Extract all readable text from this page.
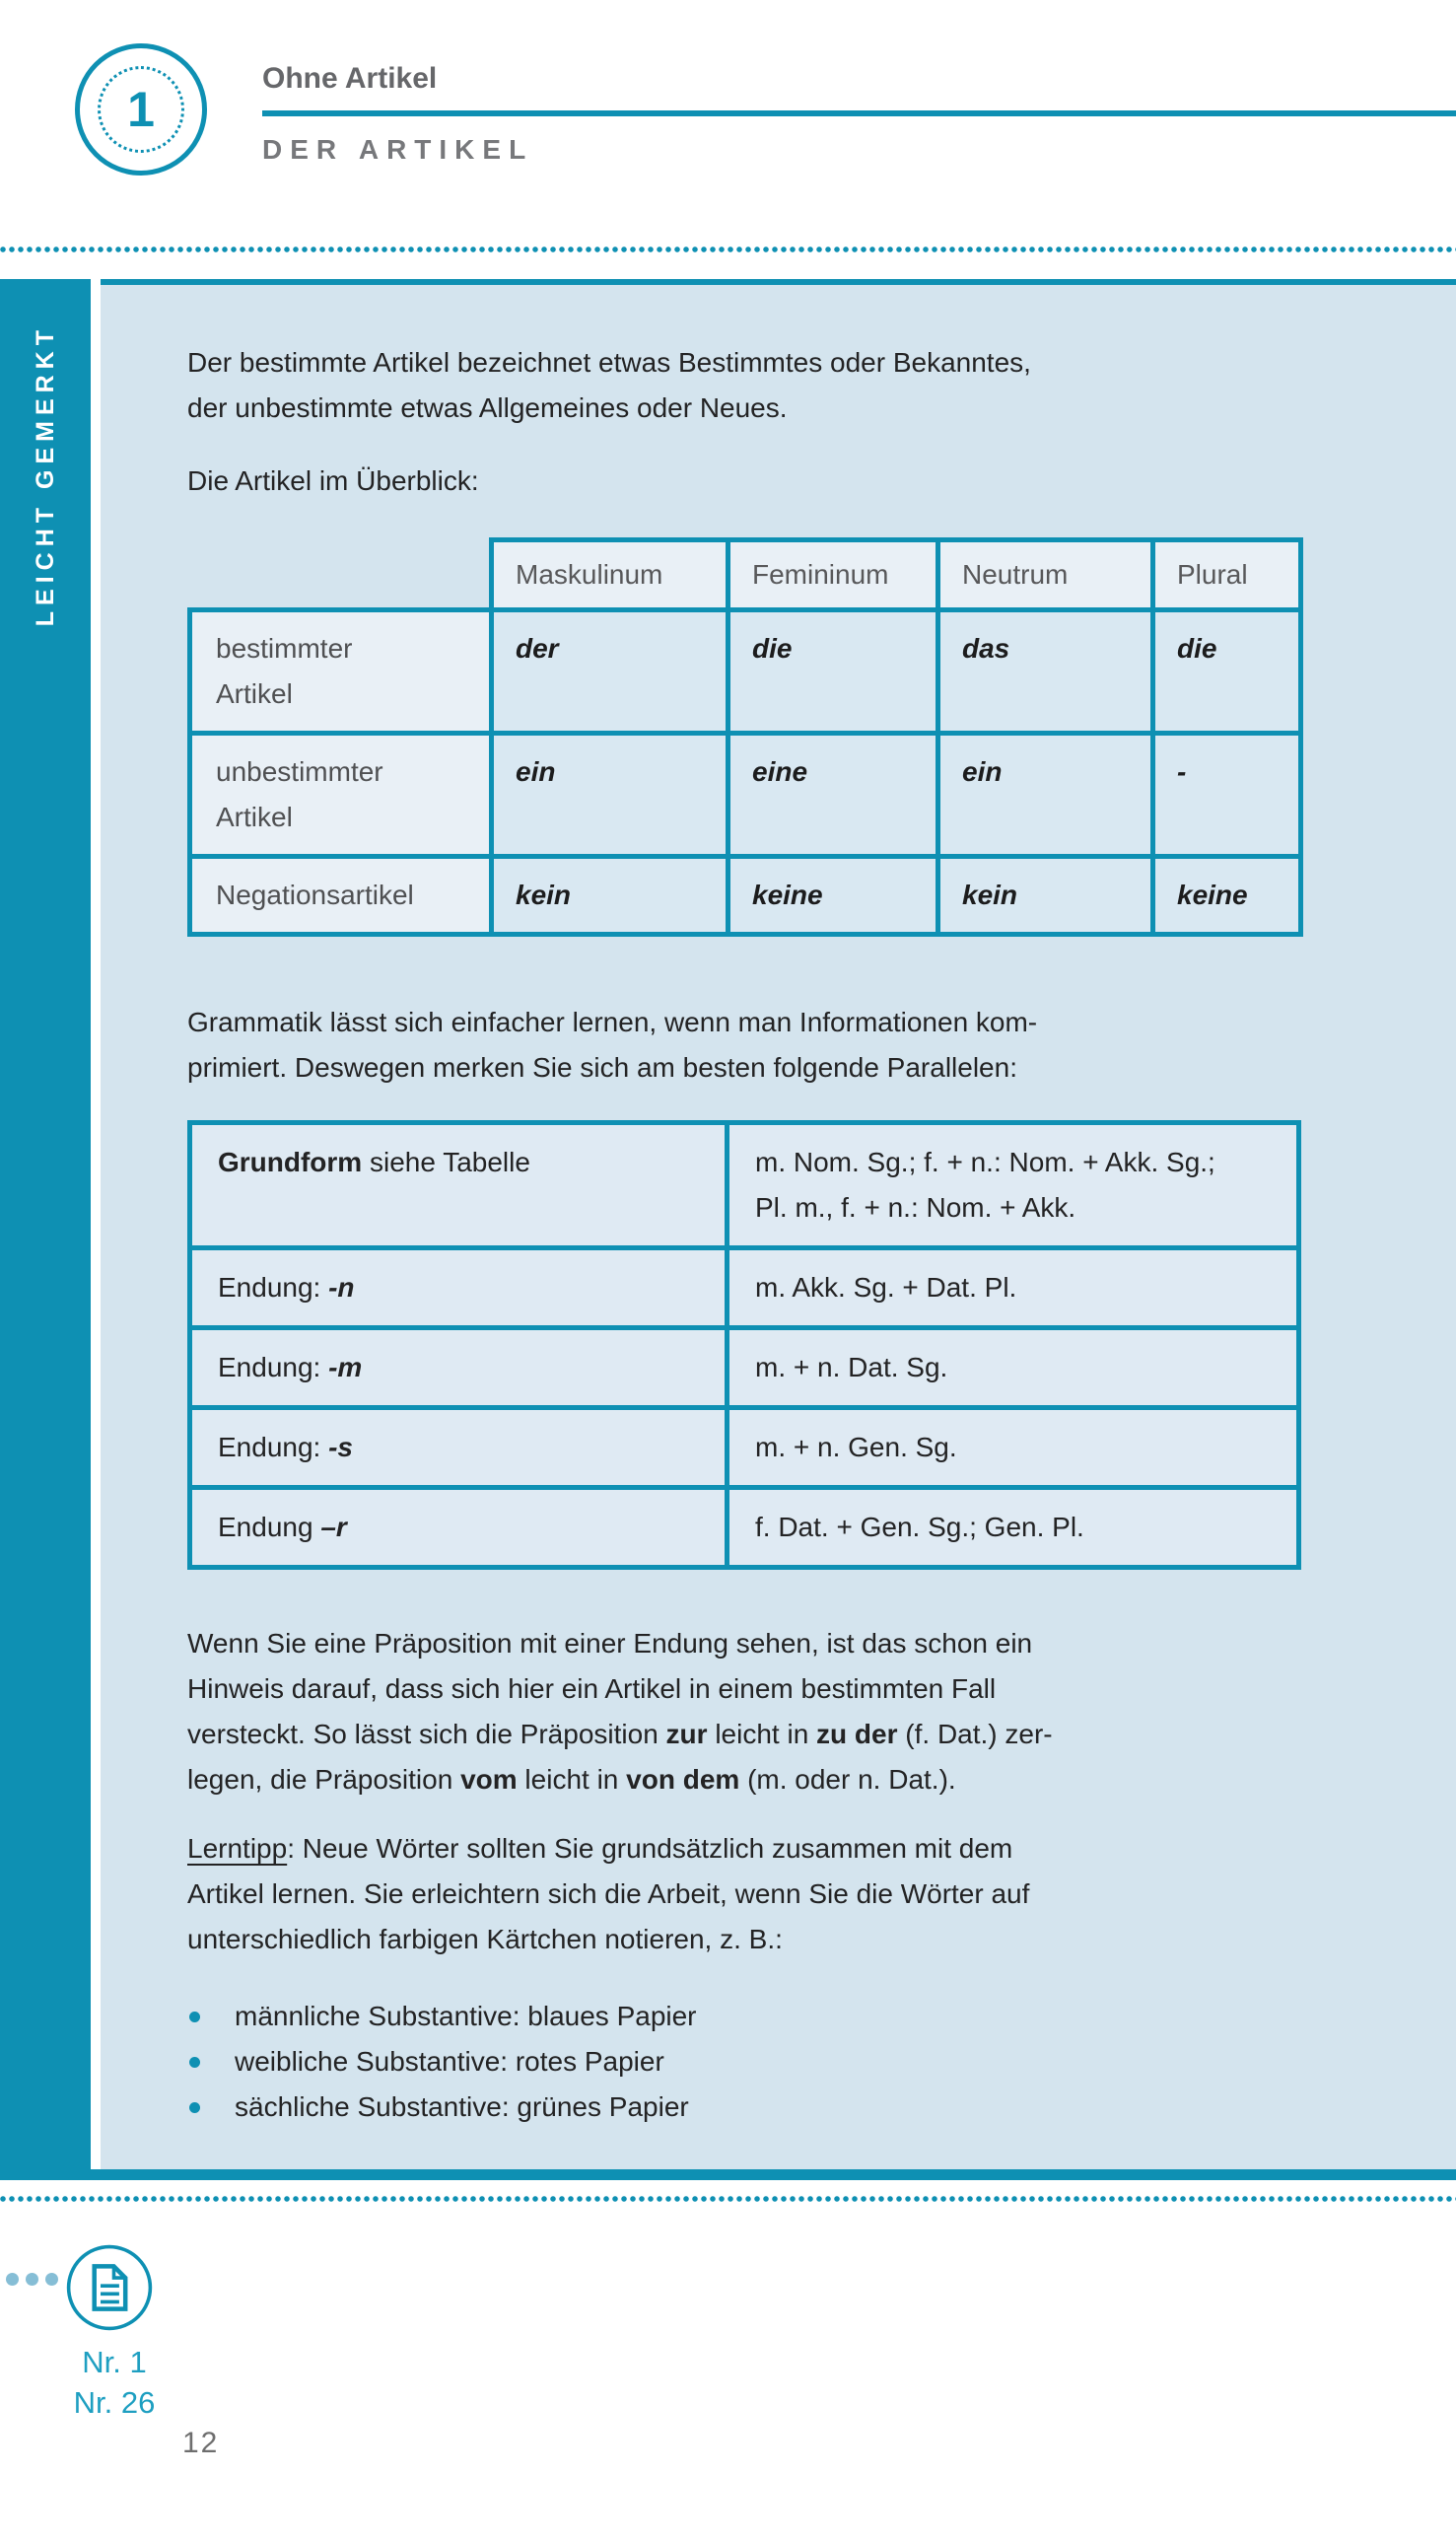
1
Ohne Artikel
DER ARTIKEL
LEICHT GEMERKT	Der bestimmte Artikel bezeichnet etwas Bestimmtes oder Bekanntes,
der unbestimmte etwas Allgemeines oder Neues.
Die Artikel im Überblick:
	Maskulinum	Femininum	Neutrum	Plural

bestimmter
Artikel	der	die	das	die

unbestimmter
Artikel	ein	eine	ein	-

Negationsartikel	kein	keine	kein	keine
Grammatik lässt sich einfacher lernen, wenn man Informationen kom-
primiert. Deswegen merken Sie sich am besten folgende Parallelen:
Grundform siehe Tabelle	m. Nom. Sg.; f. + n.: Nom. + Akk. Sg.;
Pl. m., f. + n.: Nom. + Akk.

Endung: -n	m. Akk. Sg. + Dat. Pl.

Endung: -m	m. + n. Dat. Sg.

Endung: -s	m. + n. Gen. Sg.

Endung –r	f. Dat. + Gen. Sg.; Gen. Pl.
Wenn Sie eine Präposition mit einer Endung sehen, ist das schon ein
Hinweis darauf, dass sich hier ein Artikel in einem bestimmten Fall
versteckt. So lässt sich die Präposition zur leicht in zu der (f. Dat.) zer-
legen, die Präposition vom leicht in von dem (m. oder n. Dat.).
Lerntipp: Neue Wörter sollten Sie grundsätzlich zusammen mit dem
Artikel lernen. Sie erleichtern sich die Arbeit, wenn Sie die Wörter auf
unterschiedlich farbigen Kärtchen notieren, z. B.:
männliche Substantive: blaues Papier
weibliche Substantive: rotes Papier
sächliche Substantive: grünes Papier
Nr. 1
Nr. 26
12
